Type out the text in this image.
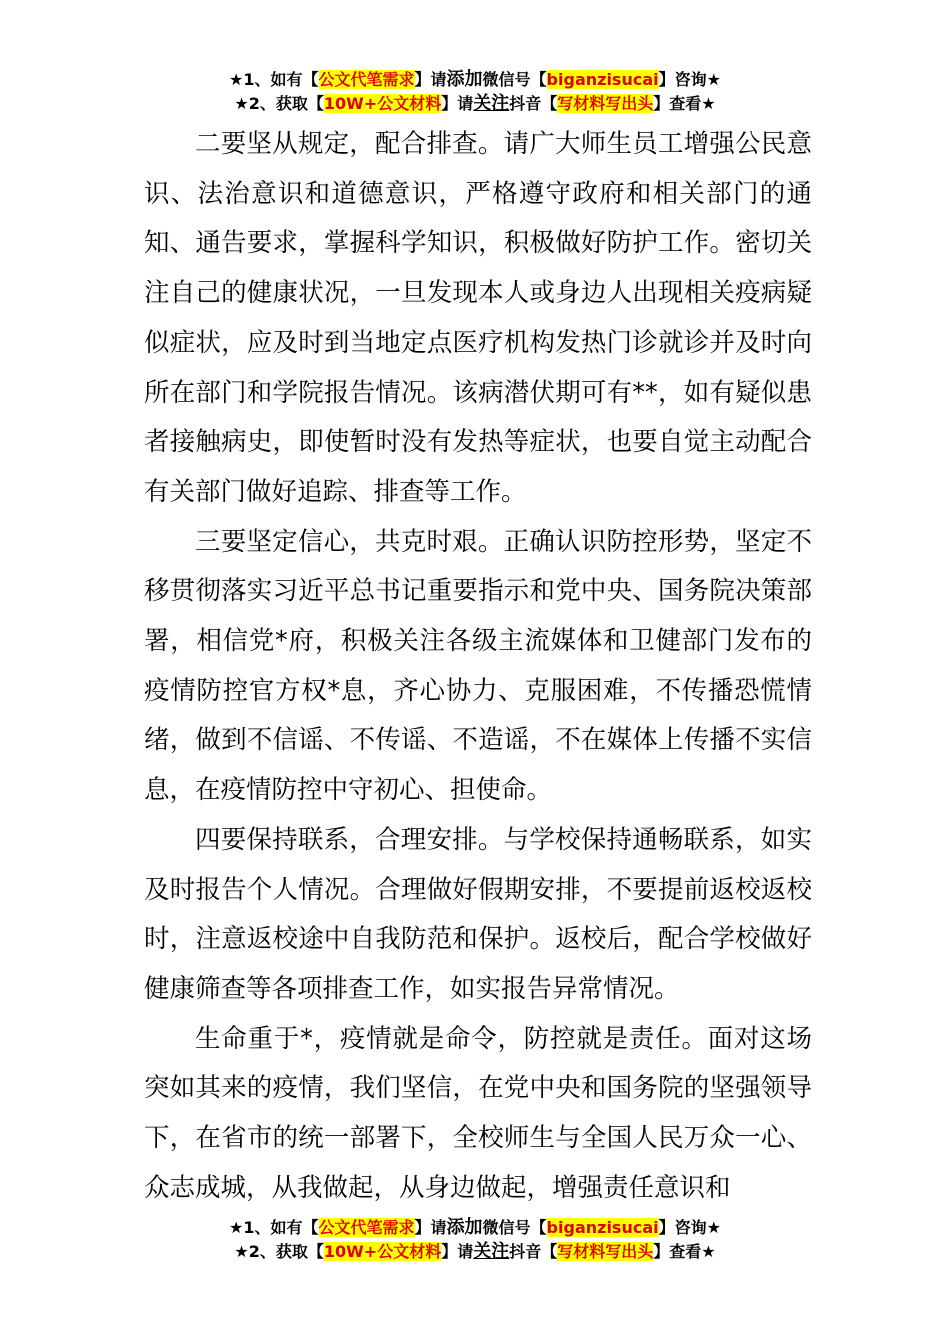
★1、如有【公文代笔需求】请添加微信号【biganzisucai】咨询★
★2、获取【10W+公文材料】请关注抖音【写材料写出头】查看★

二要坚从规定，配合排查。请广大师生员工增强公民意识、法治意识和道德意识，严格遵守政府和相关部门的通知、通告要求，掌握科学知识，积极做好防护工作。密切关注自己的健康状况，一旦发现本人或身边人出现相关疫病疑似症状，应及时到当地定点医疗机构发热门诊就诊并及时向所在部门和学院报告情况。该病潜伏期可有**，如有疑似患者接触病史，即使暂时没有发热等症状，也要自觉主动配合有关部门做好追踪、排查等工作。

三要坚定信心，共克时艰。正确认识防控形势，坚定不移贯彻落实习近平总书记重要指示和党中央、国务院决策部署，相信党*府，积极关注各级主流媒体和卫健部门发布的疫情防控官方权*息，齐心协力、克服困难，不传播恐慌情绪，做到不信谣、不传谣、不造谣，不在媒体上传播不实信息，在疫情防控中守初心、担使命。

四要保持联系，合理安排。与学校保持通畅联系，如实及时报告个人情况。合理做好假期安排，不要提前返校返校时，注意返校途中自我防范和保护。返校后，配合学校做好健康筛查等各项排查工作，如实报告异常情况。

生命重于*，疫情就是命令，防控就是责任。面对这场突如其来的疫情，我们坚信，在党中央和国务院的坚强领导下，在省市的统一部署下，全校师生与全国人民万众一心、众志成城，从我做起，从身边做起，增强责任意识和

★1、如有【公文代笔需求】请添加微信号【biganzisucai】咨询★
★2、获取【10W+公文材料】请关注抖音【写材料写出头】查看★
